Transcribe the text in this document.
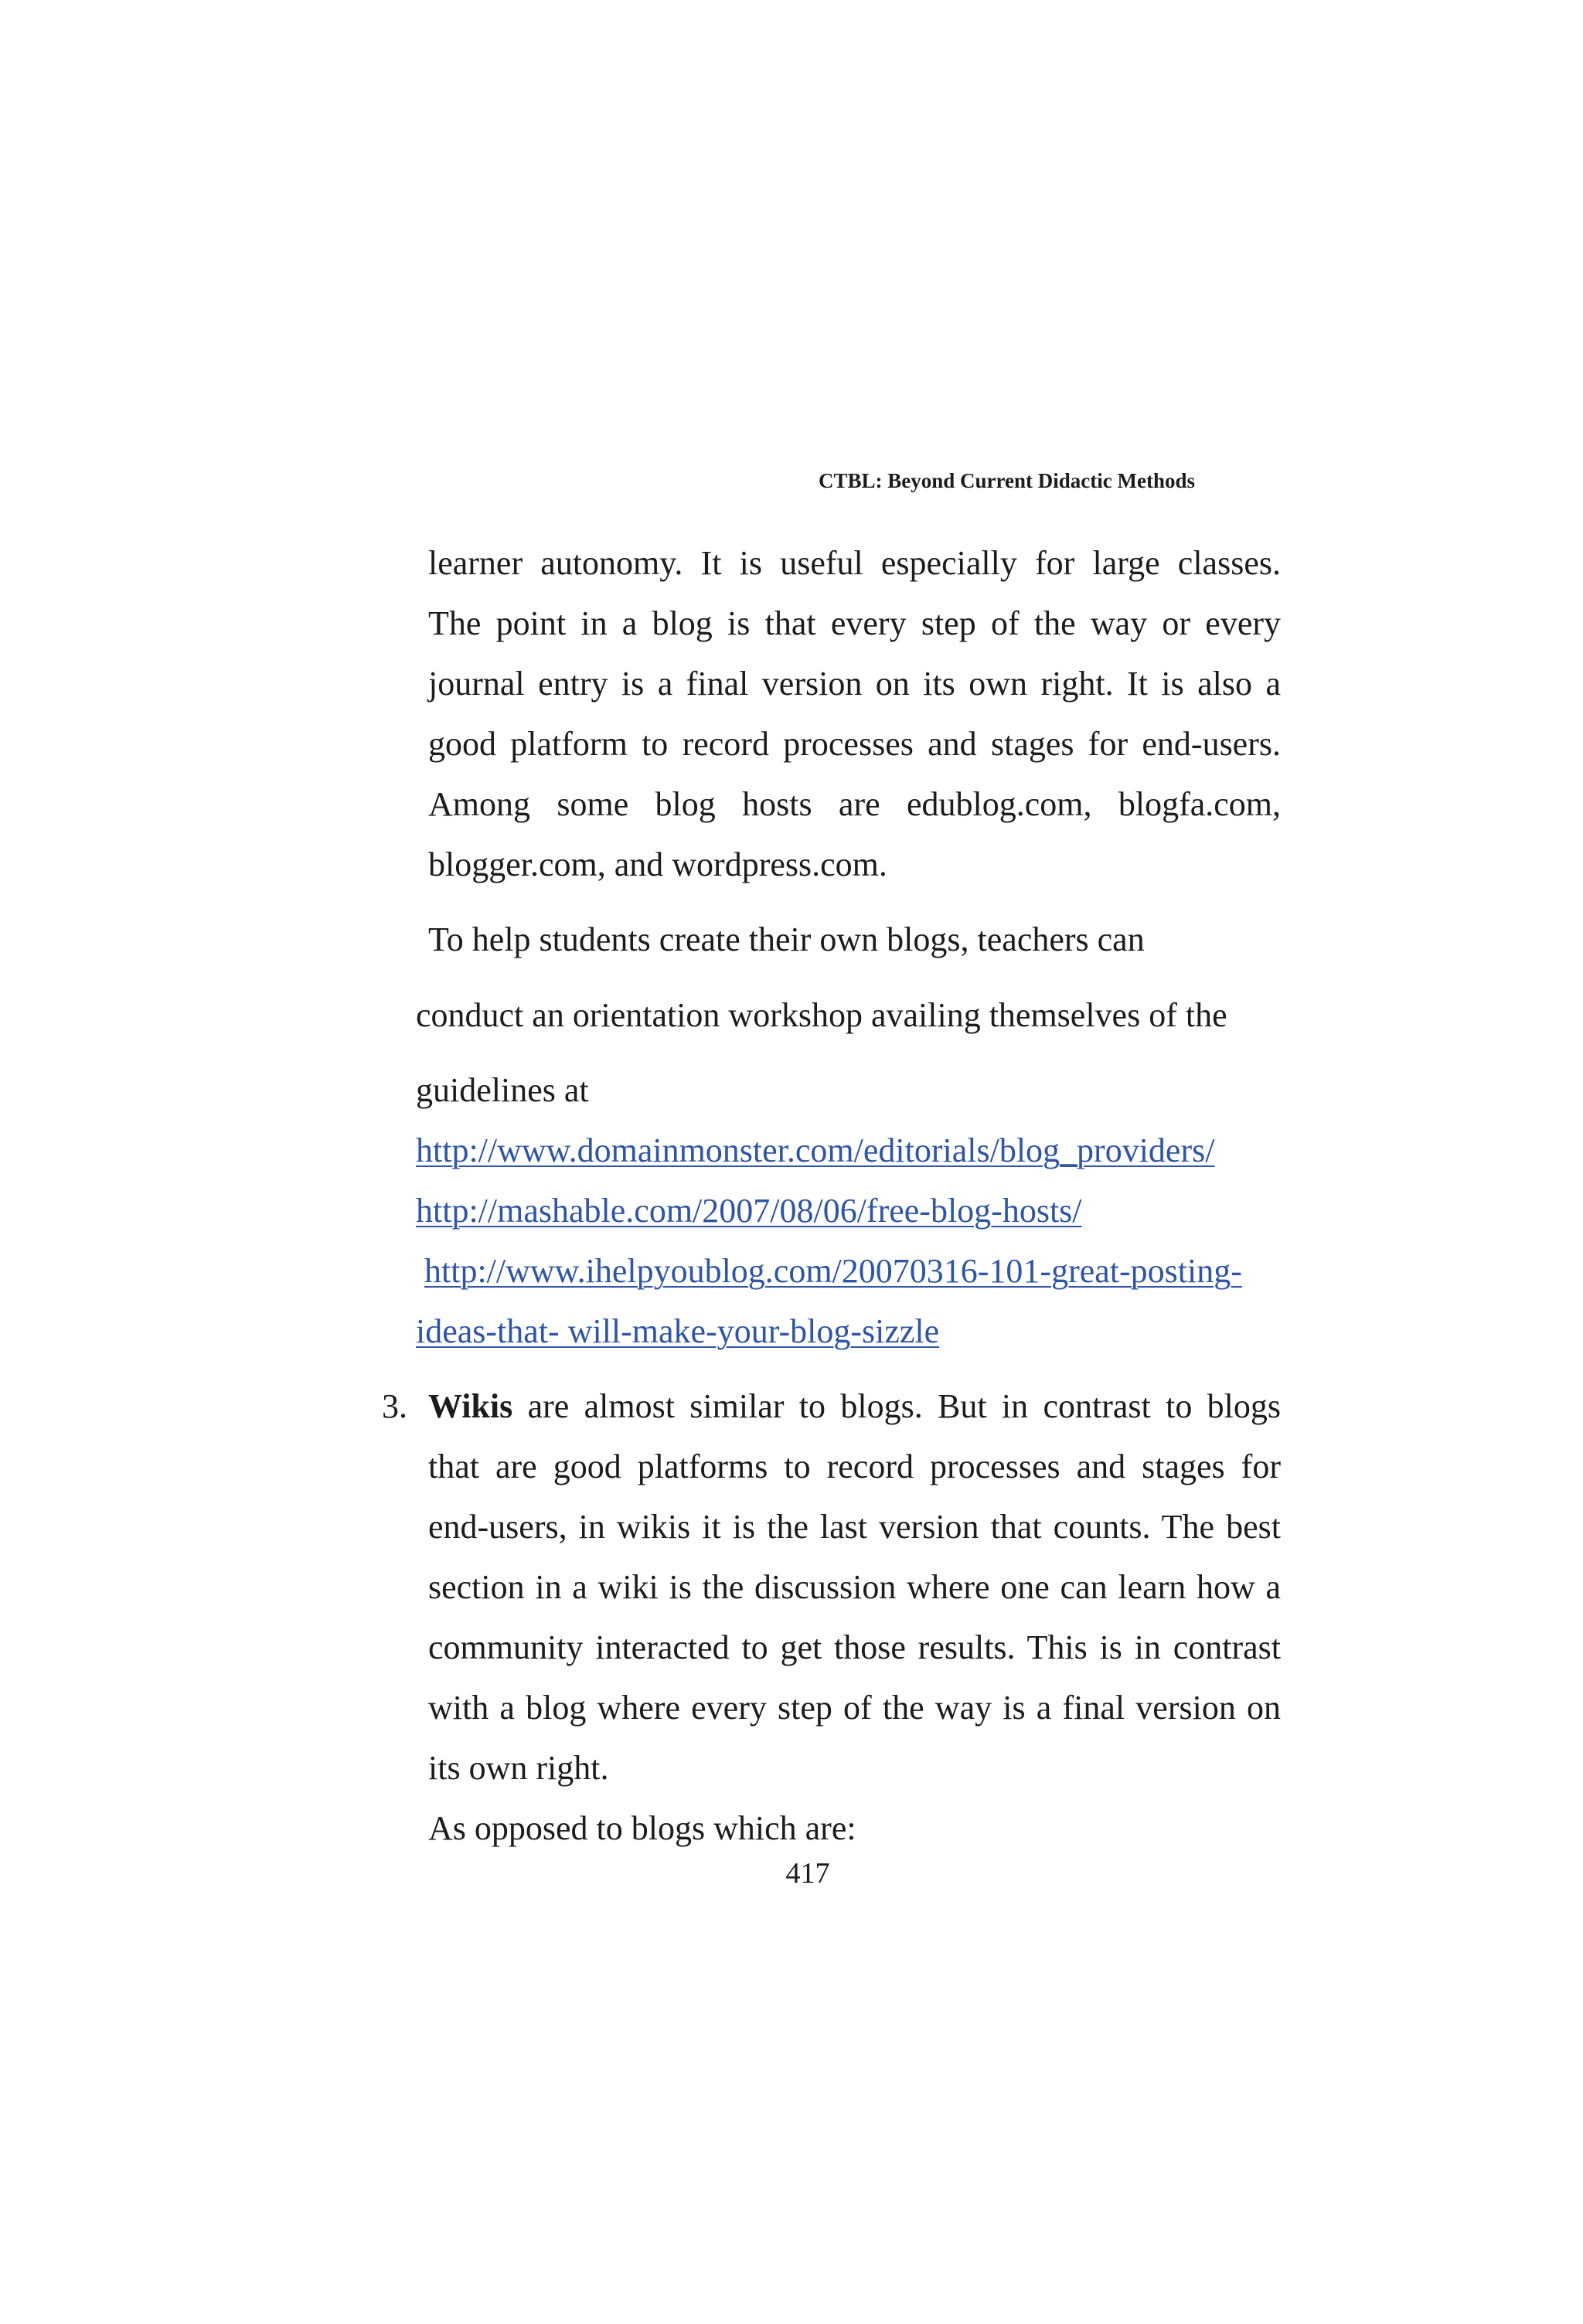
CTBL: Beyond Current Didactic Methods
learner autonomy. It is useful especially for large classes.
The point in a blog is that every step of the way or every
journal entry is a final version on its own right. It is also a
good platform to record processes and stages for end-users.
Among some blog hosts are edublog.com, blogfa.com,
blogger.com, and wordpress.com.
To help students create their own blogs, teachers can
conduct an orientation workshop availing themselves of the
guidelines at
http://www.domainmonster.com/editorials/blog_providers/
http://mashable.com/2007/08/06/free-blog-hosts/
http://www.ihelpyoublog.com/20070316-101-great-posting-
ideas-that- will-make-your-blog-sizzle
3. Wikis are almost similar to blogs. But in contrast to blogs
that are good platforms to record processes and stages for
end-users, in wikis it is the last version that counts. The best
section in a wiki is the discussion where one can learn how a
community interacted to get those results. This is in contrast
with a blog where every step of the way is a final version on
its own right.
As opposed to blogs which are:
417
